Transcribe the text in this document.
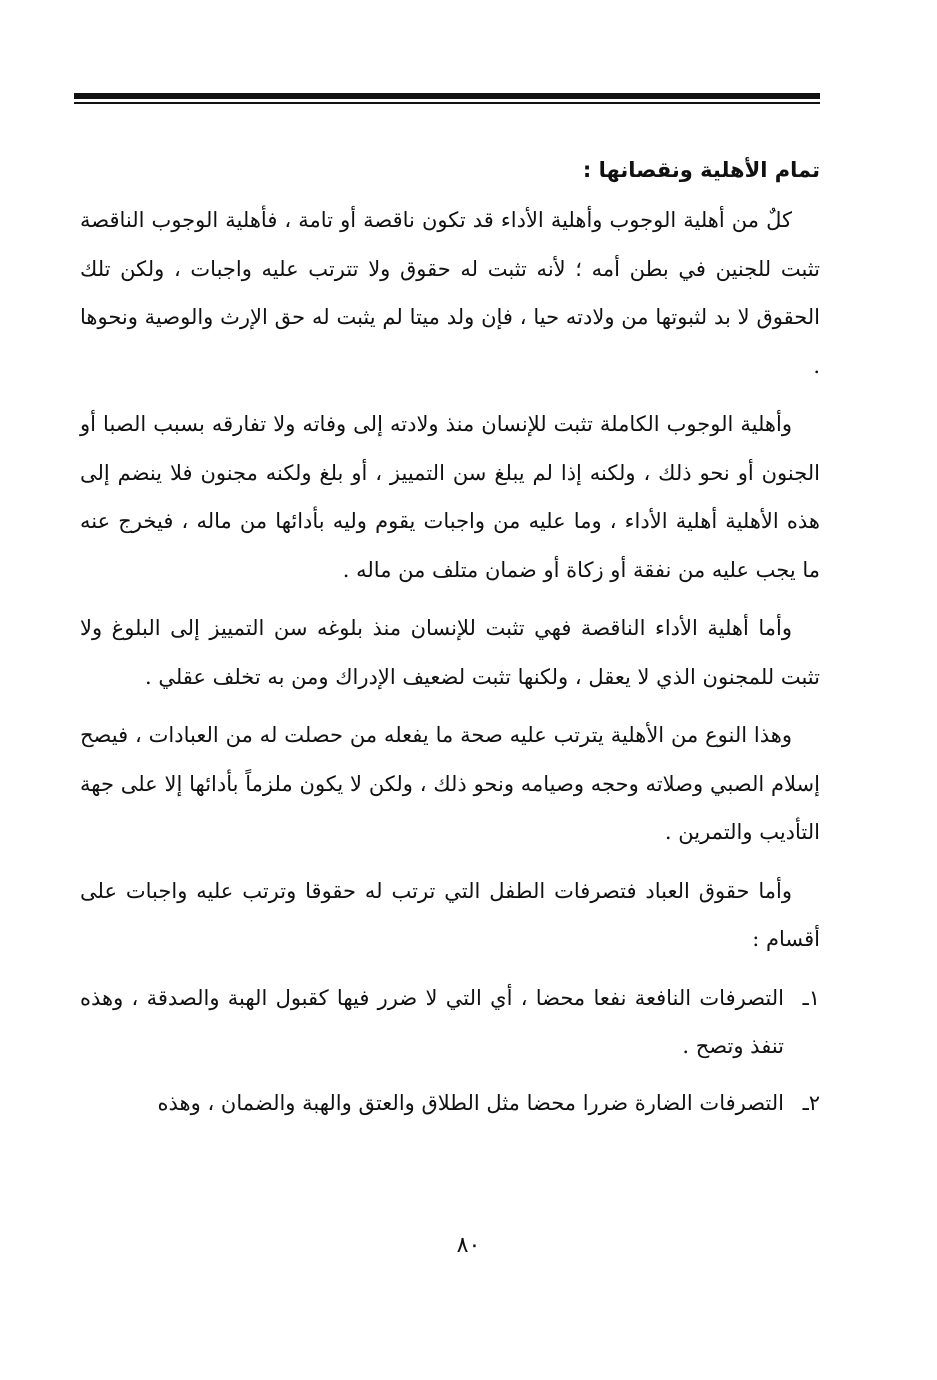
تمام الأهلية ونقصانها :

كلٌ من أهلية الوجوب وأهلية الأداء قد تكون ناقصة أو تامة ، فأهلية الوجوب الناقصة تثبت للجنين في بطن أمه ؛ لأنه تثبت له حقوق ولا تترتب عليه واجبات ، ولكن تلك الحقوق لا بد لثبوتها من ولادته حيا ، فإن ولد ميتا لم يثبت له حق الإرث والوصية ونحوها .

وأهلية الوجوب الكاملة تثبت للإنسان منذ ولادته إلى وفاته ولا تفارقه بسبب الصبا أو الجنون أو نحو ذلك ، ولكنه إذا لم يبلغ سن التمييز ، أو بلغ ولكنه مجنون فلا ينضم إلى هذه الأهلية أهلية الأداء ، وما عليه من واجبات يقوم وليه بأدائها من ماله ، فيخرج عنه ما يجب عليه من نفقة أو زكاة أو ضمان متلف من ماله .

وأما أهلية الأداء الناقصة فهي تثبت للإنسان منذ بلوغه سن التمييز إلى البلوغ ولا تثبت للمجنون الذي لا يعقل ، ولكنها تثبت لضعيف الإدراك ومن به تخلف عقلي .

وهذا النوع من الأهلية يترتب عليه صحة ما يفعله من حصلت له من العبادات ، فيصح إسلام الصبي وصلاته وحجه وصيامه ونحو ذلك ، ولكن لا يكون ملزماً بأدائها إلا على جهة التأديب والتمرين .

وأما حقوق العباد فتصرفات الطفل التي ترتب له حقوقا وترتب عليه واجبات على أقسام :

١ـ
التصرفات النافعة نفعا محضا ، أي التي لا ضرر فيها كقبول الهبة والصدقة ، وهذه تنفذ وتصح .
٢ـ
التصرفات الضارة ضررا محضا مثل الطلاق والعتق والهبة والضمان ، وهذه
٨٠
